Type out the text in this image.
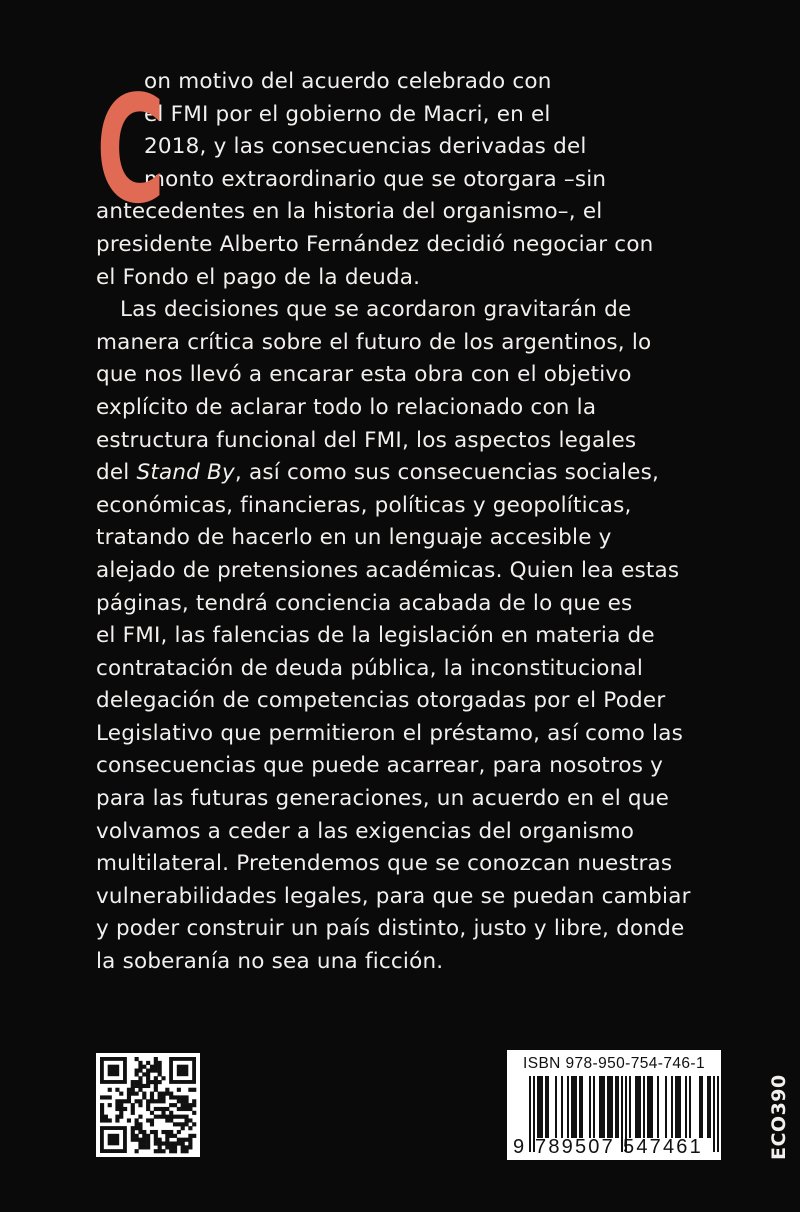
C
on motivo del acuerdo celebrado con
el FMI por el gobierno de Macri, en el
2018, y las consecuencias derivadas del
monto extraordinario que se otorgara –sin
antecedentes en la historia del organismo–, el
presidente Alberto Fernández decidió negociar con
el Fondo el pago de la deuda.
Las decisiones que se acordaron gravitarán de
manera crítica sobre el futuro de los argentinos, lo
que nos llevó a encarar esta obra con el objetivo
explícito de aclarar todo lo relacionado con la
estructura funcional del FMI, los aspectos legales
del Stand By, así como sus consecuencias sociales,
económicas, financieras, políticas y geopolíticas,
tratando de hacerlo en un lenguaje accesible y
alejado de pretensiones académicas. Quien lea estas
páginas, tendrá conciencia acabada de lo que es
el FMI, las falencias de la legislación en materia de
contratación de deuda pública, la inconstitucional
delegación de competencias otorgadas por el Poder
Legislativo que permitieron el préstamo, así como las
consecuencias que puede acarrear, para nosotros y
para las futuras generaciones, un acuerdo en el que
volvamos a ceder a las exigencias del organismo
multilateral. Pretendemos que se conozcan nuestras
vulnerabilidades legales, para que se puedan cambiar
y poder construir un país distinto, justo y libre, donde
la soberanía no sea una ficción.
ISBN 978-950-754-746-1
9 789507 547461	ECO390
